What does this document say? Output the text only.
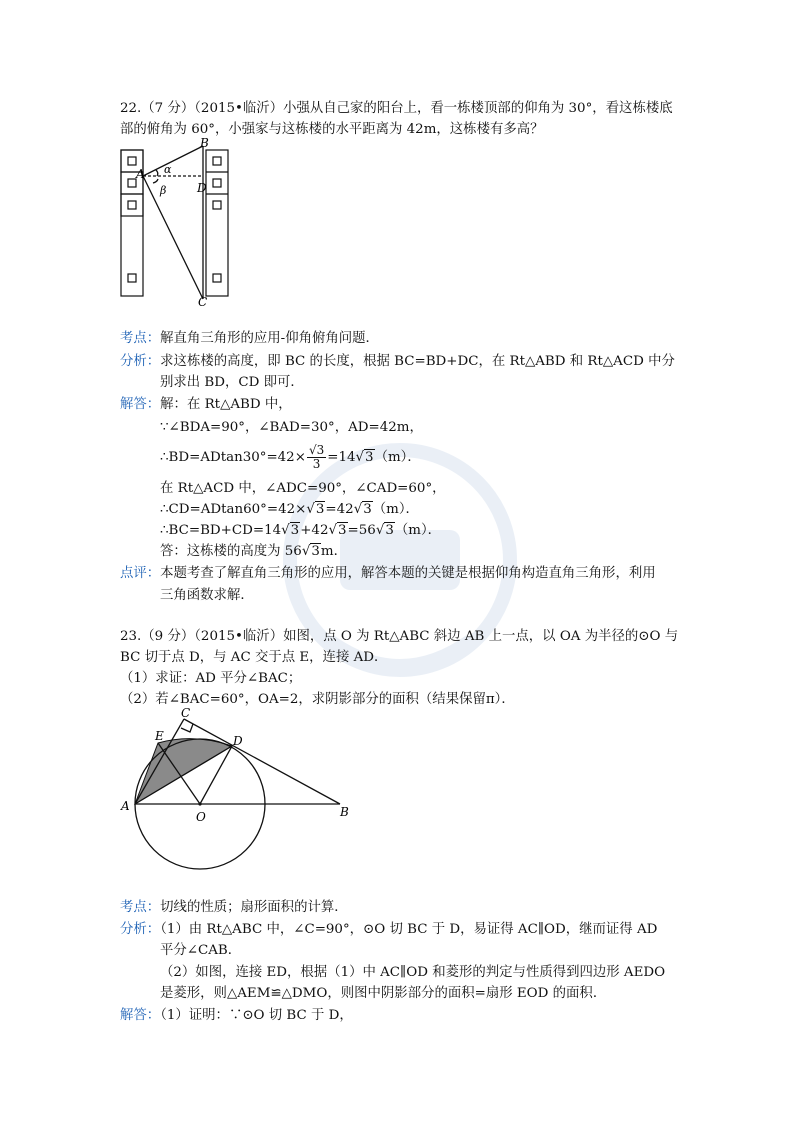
22.（7 分）（2015•临沂）小强从自己家的阳台上，看一栋楼顶部的仰角为 30°，看这栋楼底
部的俯角为 60°，小强家与这栋楼的水平距离为 42m，这栋楼有多高？
A
B
C
D
α
β
考点：解直角三角形的应用-仰角俯角问题．
分析：求这栋楼的高度，即 BC 的长度，根据 BC=BD+DC，在 Rt△ABD 和 Rt△ACD 中分
别求出 BD，CD 即可．
解答：解：在 Rt△ABD 中，
∵∠BDA=90°，∠BAD=30°，AD=42m，
∴BD=ADtan30°=42× $\frac{√3}{3} =14√3(m)$．
在 Rt△ACD 中，∠ADC=90°，∠CAD=60°，
∴CD=ADtan60°=42×√3=42√3（m）．
∴BC=BD+CD=14√3+42√3=56√3（m）．
答：这栋楼的高度为 56√3m．
点评：本题考查了解直角三角形的应用，解答本题的关键是根据仰角构造直角三角形，利用
三角函数求解．
23.（9 分）（2015•临沂）如图，点 O 为 Rt△ABC 斜边 AB 上一点，以 OA 为半径的⊙O 与
BC 切于点 D，与 AC 交于点 E，连接 AD．
（1）求证：AD 平分∠BAC；
（2）若∠BAC=60°，OA=2，求阴影部分的面积（结果保留π）．
A	B
C
D
E
O
考点：切线的性质；扇形面积的计算．
分析：（1）由 Rt△ABC 中，∠C=90°，⊙O 切 BC 于 D，易证得 AC∥OD，继而证得 AD
平分∠CAB．
（2）如图，连接 ED，根据（1）中 AC∥OD 和菱形的判定与性质得到四边形 AEDO
是菱形，则△AEM≌△DMO，则图中阴影部分的面积=扇形 EOD 的面积．
解答：（1）证明：∵⊙O 切 BC 于 D，
